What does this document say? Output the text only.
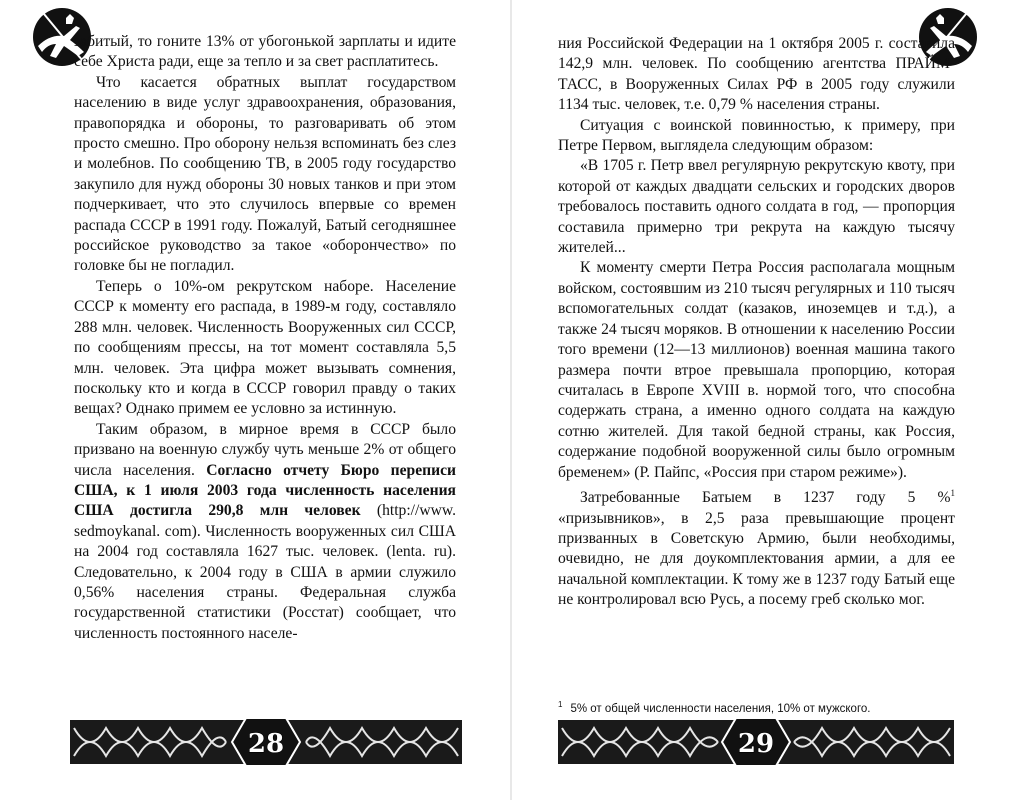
забитый, то гоните 13% от убогонькой зарплаты и идите себе Христа ради, еще за тепло и за свет расплатитесь.

Что касается обратных выплат государством населению в виде услуг здравоохранения, образования, правопорядка и обороны, то разговаривать об этом просто смешно. Про оборону нельзя вспоминать без слез и молебнов. По сообщению ТВ, в 2005 году государство закупило для нужд обороны 30 новых танков и при этом подчеркивает, что это случилось впервые со времен распада СССР в 1991 году. Пожалуй, Батый сегодняшнее российское руководство за такое «оборончество» по головке бы не погладил.

Теперь о 10%-ом рекрутском наборе. Население СССР к моменту его распада, в 1989-м году, составляло 288 млн. человек. Численность Вооруженных сил СССР, по сообщениям прессы, на тот момент составляла 5,5 млн. человек. Эта цифра может вызывать сомнения, поскольку кто и когда в СССР говорил правду о таких вещах? Однако примем ее условно за истинную.

Таким образом, в мирное время в СССР было призвано на военную службу чуть меньше 2% от общего числа населения. Согласно отчету Бюро переписи США, к 1 июля 2003 года численность населения США достигла 290,8 млн человек (http://www. sedmoykanal. com). Численность вооруженных сил США на 2004 год составляла 1627 тыс. человек. (lenta. ru). Следовательно, к 2004 году в США в армии служило 0,56% населения страны. Федеральная служба государственной статистики (Росстат) сообщает, что численность постоянного населе-

28

ния Российской Федерации на 1 октября 2005 г. составила 142,9 млн. человек. По сообщению агентства ПРАЙМ-ТАСС, в Вооруженных Силах РФ в 2005 году служили 1134 тыс. человек, т.е. 0,79 % населения страны.

Ситуация с воинской повинностью, к примеру, при Петре Первом, выглядела следующим образом:

«В 1705 г. Петр ввел регулярную рекрутскую квоту, при которой от каждых двадцати сельских и городских дворов требовалось поставить одного солдата в год, — пропорция составила примерно три рекрута на каждую тысячу жителей...

К моменту смерти Петра Россия располагала мощным войском, состоявшим из 210 тысяч регулярных и 110 тысяч вспомогательных солдат (казаков, иноземцев и т.д.), а также 24 тысяч моряков. В отношении к населению России того времени (12—13 миллионов) военная машина такого размера почти втрое превышала пропорцию, которая считалась в Европе XVIII в. нормой того, что способна содержать страна, а именно одного солдата на каждую сотню жителей. Для такой бедной страны, как Россия, содержание подобной вооруженной силы было огромным бременем» (Р. Пайпс, «Россия при старом режиме»).

Затребованные Батыем в 1237 году 5 %$^1$ «призывников», в 2,5 раза превышающие процент призванных в Советскую Армию, были необходимы, очевидно, не для доукомплектования армии, а для ее начальной комплектации. К тому же в 1237 году Батый еще не контролировал всю Русь, а посему греб сколько мог.

$^1$ 5% от общей численности населения, 10% от мужского.
29
